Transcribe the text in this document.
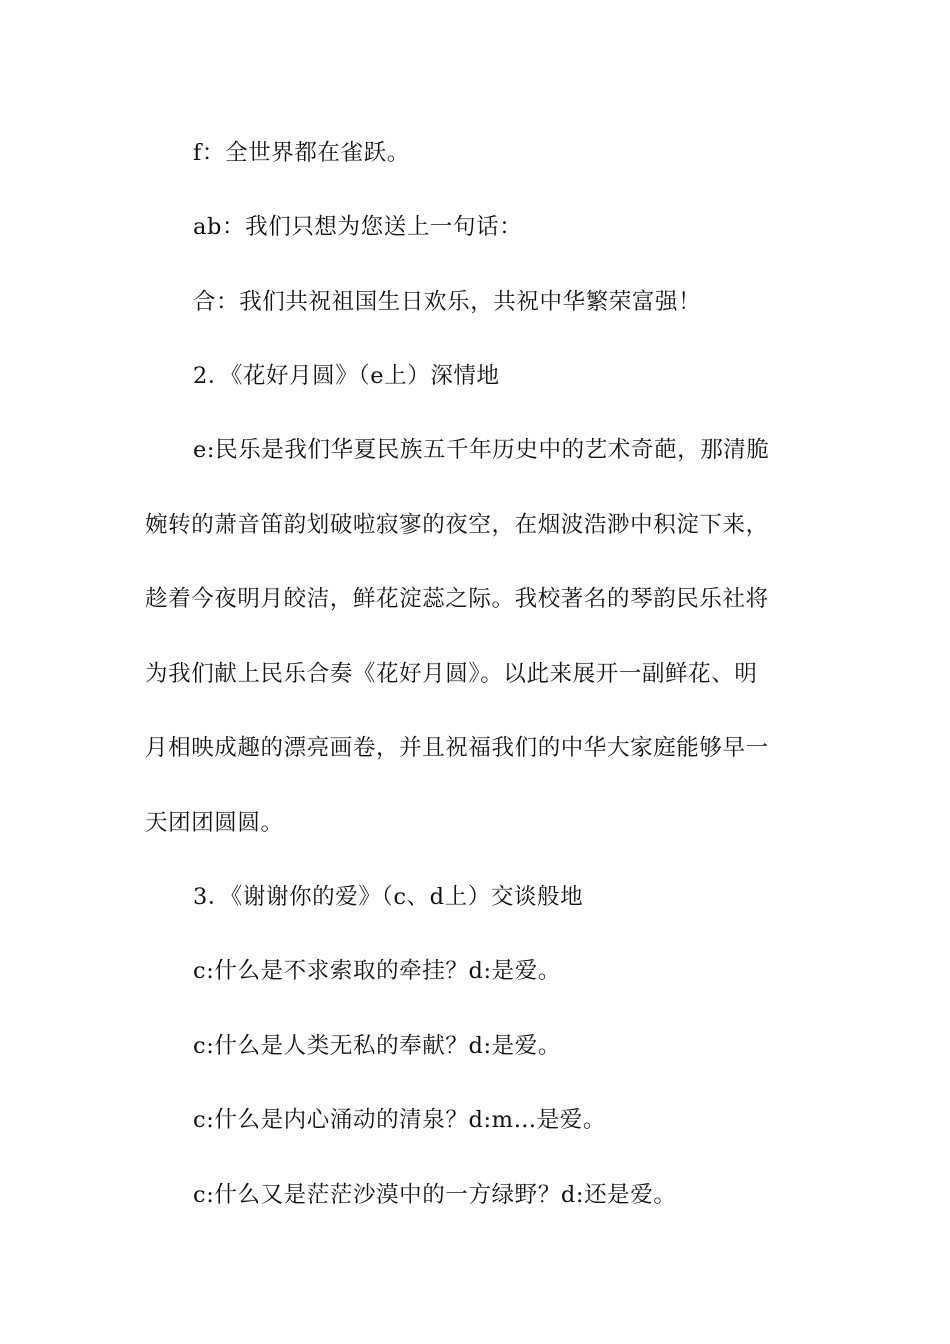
f：全世界都在雀跃。
ab：我们只想为您送上一句话：
合：我们共祝祖国生日欢乐，共祝中华繁荣富强！
2．《花好月圆》（e上）深情地
e:民乐是我们华夏民族五千年历史中的艺术奇葩，那清脆
婉转的萧音笛韵划破啦寂寥的夜空，在烟波浩渺中积淀下来，
趁着今夜明月皎洁，鲜花淀蕊之际。我校著名的琴韵民乐社将
为我们献上民乐合奏《花好月圆》。以此来展开一副鲜花、明
月相映成趣的漂亮画卷，并且祝福我们的中华大家庭能够早一
天团团圆圆。
3．《谢谢你的爱》（c、d上）交谈般地
c:什么是不求索取的牵挂？d:是爱。
c:什么是人类无私的奉献？d:是爱。
c:什么是内心涌动的清泉？d:m…是爱。
c:什么又是茫茫沙漠中的一方绿野？d:还是爱。
